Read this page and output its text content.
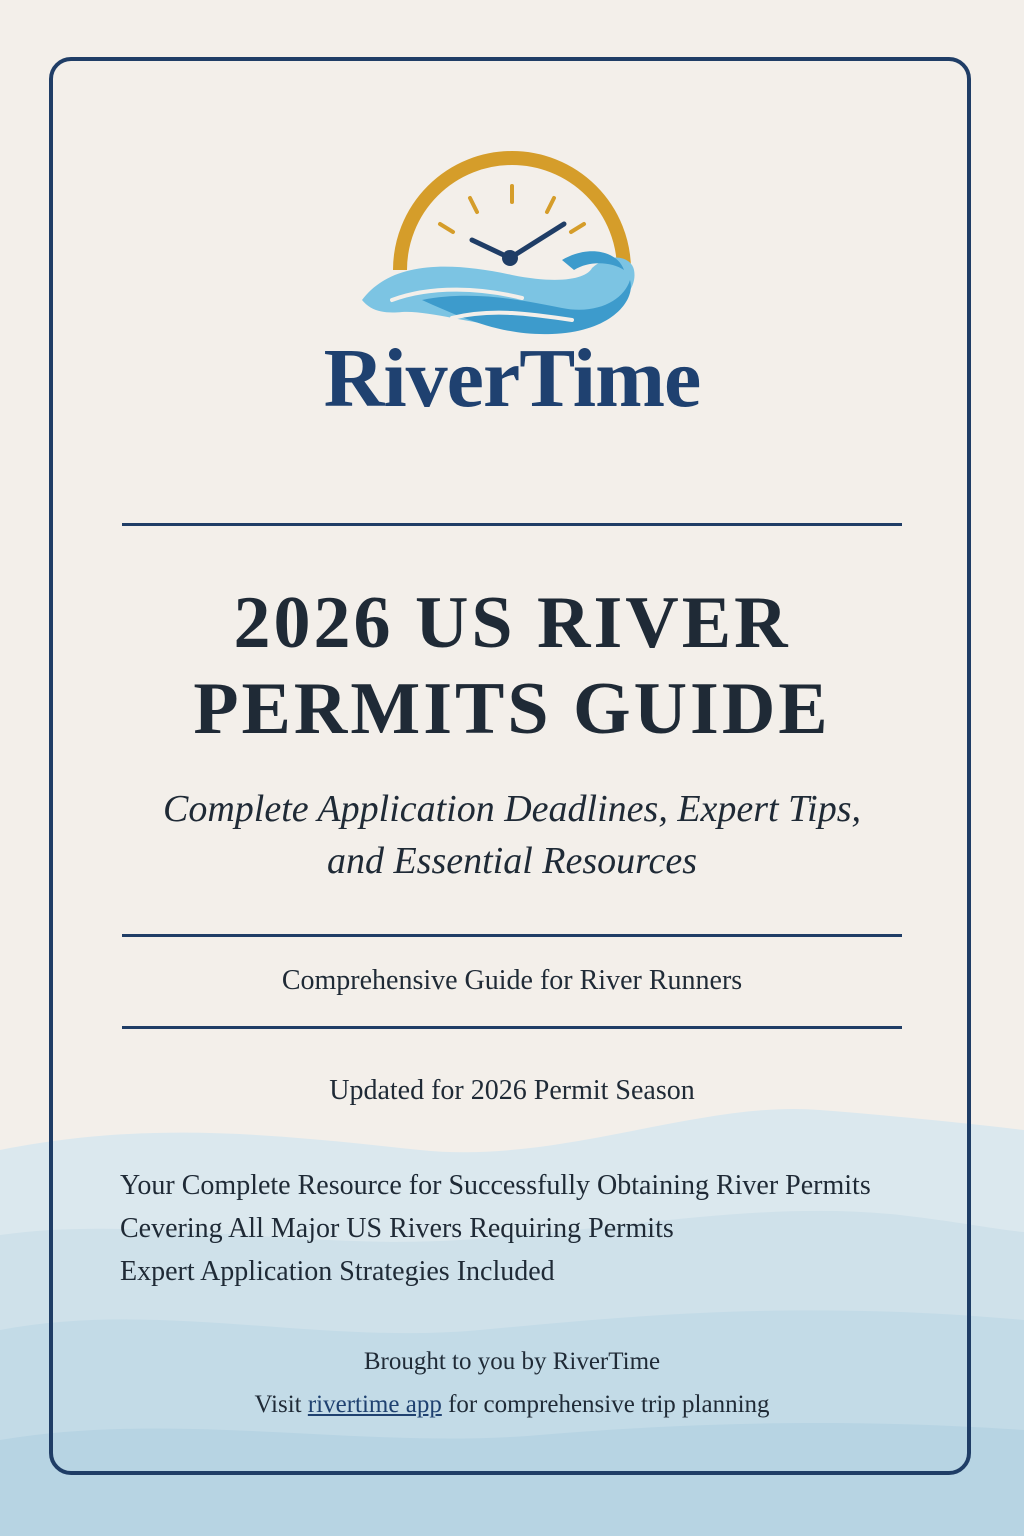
RiverTime
2026 US RIVER
PERMITS GUIDE
Complete Application Deadlines, Expert Tips,
and Essential Resources
Comprehensive Guide for River Runners
Updated for 2026 Permit Season
Your Complete Resource for Successfully Obtaining River Permits
Cevering All Major US Rivers Requiring Permits
Expert Application Strategies Included
Brought to you by RiverTime
Visit rivertime app for comprehensive trip planning
